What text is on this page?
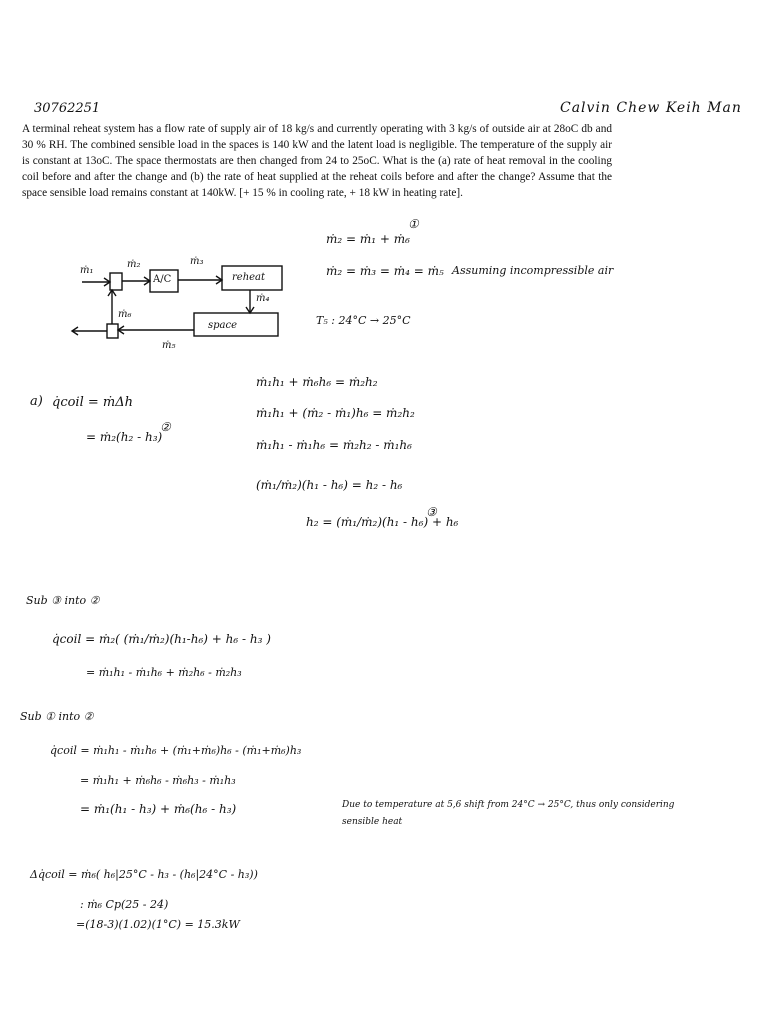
30762251	Calvin Chew Keih Man
A terminal reheat system has a flow rate of supply air of 18 kg/s and currently operating with 3 kg/s of outside air at 28oC db and 30 % RH. The combined sensible load in the spaces is 140 kW and the latent load is negligible. The temperature of the supply air is constant at 13oC. The space thermostats are then changed from 24 to 25oC. What is the (a) rate of heat removal in the cooling coil before and after the change and (b) the rate of heat supplied at the reheat coils before and after the change? Assume that the space sensible load remains constant at 140kW. [+ 15 % in cooling rate, + 18 kW in heating rate].
ṁ₂ = ṁ₁ + ṁ₆
①
ṁ₂ = ṁ₃ = ṁ₄ = ṁ₅ Assuming incompressible air
ṁ₁
ṁ₂	ṁ₃
A/C	reheat
ṁ₄
space
ṁ₆
ṁ₅
T₅ : 24°C → 25°C
a) q̇coil = ṁΔh
= ṁ₂(h₂ - h₃)
②
ṁ₁h₁ + ṁ₆h₆ = ṁ₂h₂
ṁ₁h₁ + (ṁ₂ - ṁ₁)h₆ = ṁ₂h₂
ṁ₁h₁ - ṁ₁h₆ = ṁ₂h₂ - ṁ₁h₆
(ṁ₁/ṁ₂)(h₁ - h₆) = h₂ - h₆
h₂ = (ṁ₁/ṁ₂)(h₁ - h₆) + h₆
③
Sub ③ into ②
q̇coil = ṁ₂( (ṁ₁/ṁ₂)(h₁-h₆) + h₆ - h₃ )
= ṁ₁h₁ - ṁ₁h₆ + ṁ₂h₆ - ṁ₂h₃
Sub ① into ②
q̇coil = ṁ₁h₁ - ṁ₁h₆ + (ṁ₁+ṁ₆)h₆ - (ṁ₁+ṁ₆)h₃
= ṁ₁h₁ + ṁ₆h₆ - ṁ₆h₃ - ṁ₁h₃
= ṁ₁(h₁ - h₃) + ṁ₆(h₆ - h₃)	Due to temperature at 5,6 shift from 24°C → 25°C, thus only considering
sensible heat
Δq̇coil = ṁ₆( h₆|25°C - h₃ - (h₆|24°C - h₃))
: ṁ₆ Cp(25 - 24)
=(18-3)(1.02)(1°C) = 15.3kW
